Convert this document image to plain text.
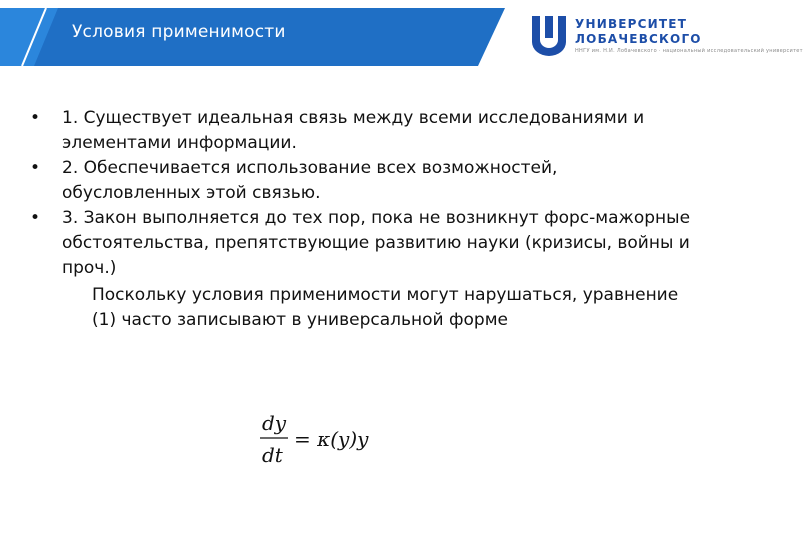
Условия применимости	УНИВЕРСИТЕТ
ЛОБАЧЕВСКОГО
ННГУ им. Н.И. Лобачевского · национальный исследовательский университет
• 1. Существует идеальная связь между всеми исследованиями и элементами информации.
• 2. Обеспечивается использование всех возможностей, обусловленных этой связью.
• 3. Закон выполняется до тех пор, пока не возникнут форс-мажорные обстоятельства, препятствующие развитию науки (кризисы, войны и проч.)
Поскольку условия применимости могут нарушаться, уравнение (1) часто записывают в универсальной форме
dy
dt
= κ(y)y
